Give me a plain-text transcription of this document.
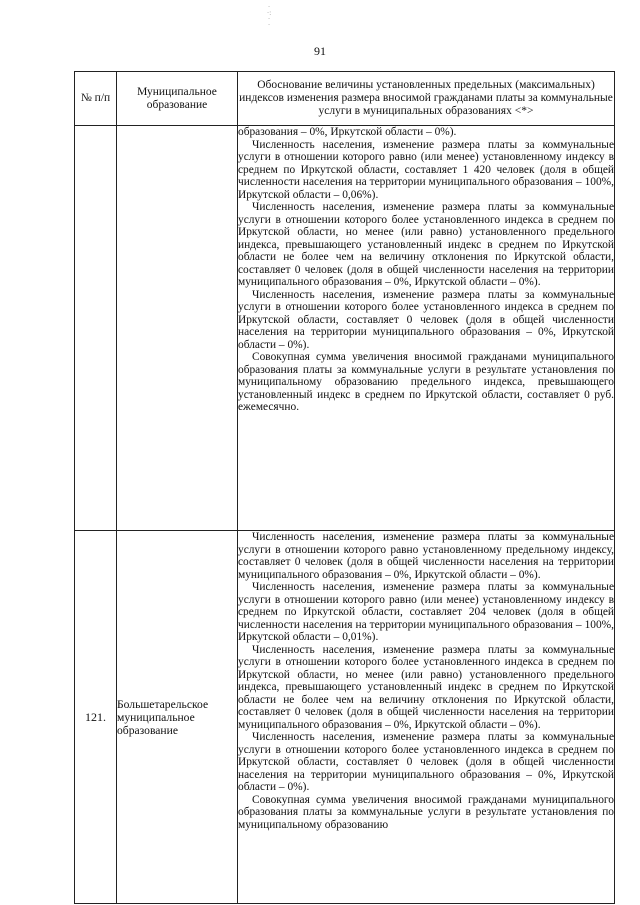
·
·:
·
·
91
№ п/п	Муниципальное образование	Обоснование величины установленных предельных (максимальных) индексов изменения размера вносимой гражданами платы за коммунальные услуги в муниципальных образованиях <*>

		образования – 0%, Иркутской области – 0%).

Численность населения, изменение размера платы за коммунальные услуги в отношении которого равно (или менее) установленному индексу в среднем по Иркутской области, составляет 1 420 человек (доля в общей численности населения на территории муниципального образования – 100%, Иркутской области – 0,06%).

Численность населения, изменение размера платы за коммунальные услуги в отношении которого более установленного индекса в среднем по Иркутской области, но менее (или равно) установленного предельного индекса, превышающего установленный индекс в среднем по Иркутской области не более чем на величину отклонения по Иркутской области, составляет 0 человек (доля в общей численности населения на территории муниципального образования – 0%, Иркутской области – 0%).

Численность населения, изменение размера платы за коммунальные услуги в отношении которого более установленного индекса в среднем по Иркутской области, составляет 0 человек (доля в общей численности населения на территории муниципального образования – 0%, Иркутской области – 0%).

Совокупная сумма увеличения вносимой гражданами муниципального образования платы за коммунальные услуги в результате установления по муниципальному образованию предельного индекса, превышающего установленный индекс в среднем по Иркутской области, составляет 0 руб. ежемесячно.

121.	Большетарельское муниципальное образование	Численность населения, изменение размера платы за коммунальные услуги в отношении которого равно установленному предельному индексу, составляет 0 человек (доля в общей численности населения на территории муниципального образования – 0%, Иркутской области – 0%).

Численность населения, изменение размера платы за коммунальные услуги в отношении которого равно (или менее) установленному индексу в среднем по Иркутской области, составляет 204 человек (доля в общей численности населения на территории муниципального образования – 100%, Иркутской области – 0,01%).

Численность населения, изменение размера платы за коммунальные услуги в отношении которого более установленного индекса в среднем по Иркутской области, но менее (или равно) установленного предельного индекса, превышающего установленный индекс в среднем по Иркутской области не более чем на величину отклонения по Иркутской области, составляет 0 человек (доля в общей численности населения на территории муниципального образования – 0%, Иркутской области – 0%).

Численность населения, изменение размера платы за коммунальные услуги в отношении которого более установленного индекса в среднем по Иркутской области, составляет 0 человек (доля в общей численности населения на территории муниципального образования – 0%, Иркутской области – 0%).

Совокупная сумма увеличения вносимой гражданами муниципального образования платы за коммунальные услуги в результате установления по муниципальному образованию
